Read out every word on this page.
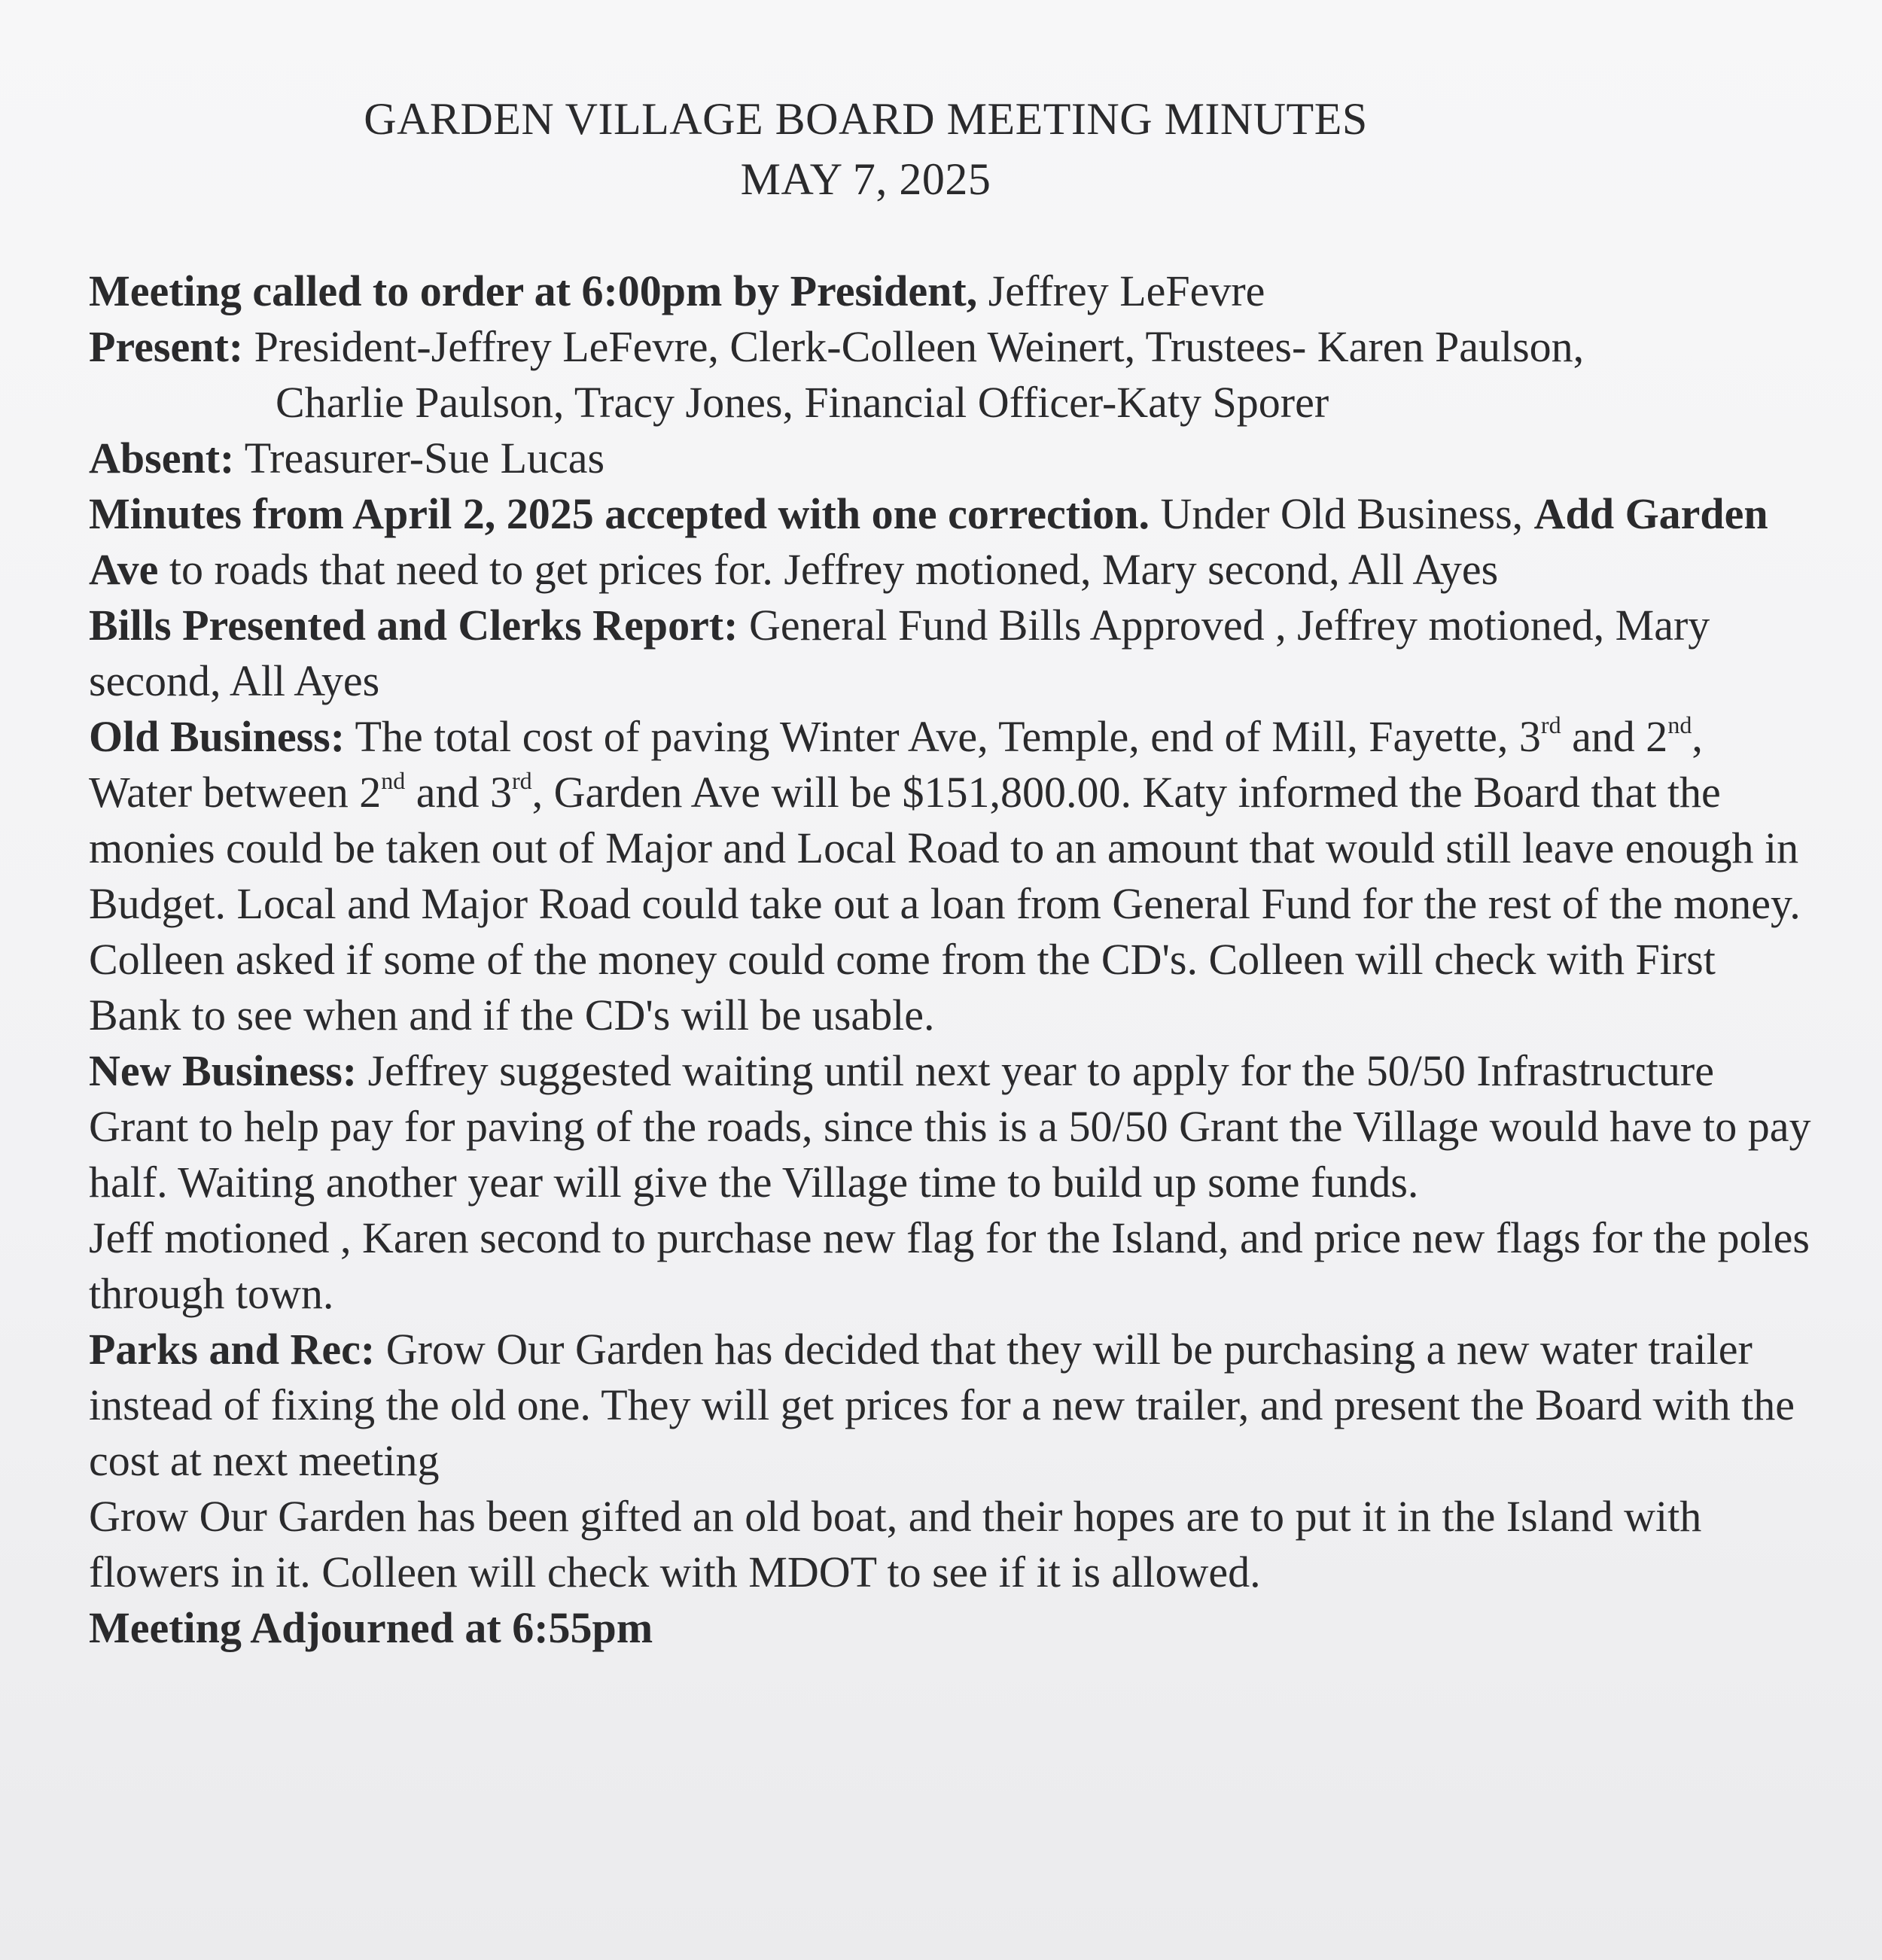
GARDEN VILLAGE BOARD MEETING MINUTES
MAY 7, 2025

Meeting called to order at 6:00pm by President, Jeffrey LeFevre

Present: President-Jeffrey LeFevre, Clerk-Colleen Weinert, Trustees- Karen Paulson,

Charlie Paulson, Tracy Jones, Financial Officer-Katy Sporer

Absent: Treasurer-Sue Lucas

Minutes from April 2, 2025 accepted with one correction. Under Old Business, Add Garden Ave to roads that need to get prices for. Jeffrey motioned, Mary second, All Ayes

Bills Presented and Clerks Report: General Fund Bills Approved , Jeffrey motioned, Mary second, All Ayes

Old Business: The total cost of paving Winter Ave, Temple, end of Mill, Fayette, 3rd and 2nd, Water between 2nd and 3rd, Garden Ave will be $151,800.00. Katy informed the Board that the monies could be taken out of Major and Local Road to an amount that would still leave enough in Budget. Local and Major Road could take out a loan from General Fund for the rest of the money. Colleen asked if some of the money could come from the CD's. Colleen will check with First Bank to see when and if the CD's will be usable.

New Business: Jeffrey suggested waiting until next year to apply for the 50/50 Infrastructure Grant to help pay for paving of the roads, since this is a 50/50 Grant the Village would have to pay half. Waiting another year will give the Village time to build up some funds.

Jeff motioned , Karen second to purchase new flag for the Island, and price new flags for the poles through town.

Parks and Rec: Grow Our Garden has decided that they will be purchasing a new water trailer instead of fixing the old one. They will get prices for a new trailer, and present the Board with the cost at next meeting

Grow Our Garden has been gifted an old boat, and their hopes are to put it in the Island with flowers in it. Colleen will check with MDOT to see if it is allowed.

Meeting Adjourned at 6:55pm
